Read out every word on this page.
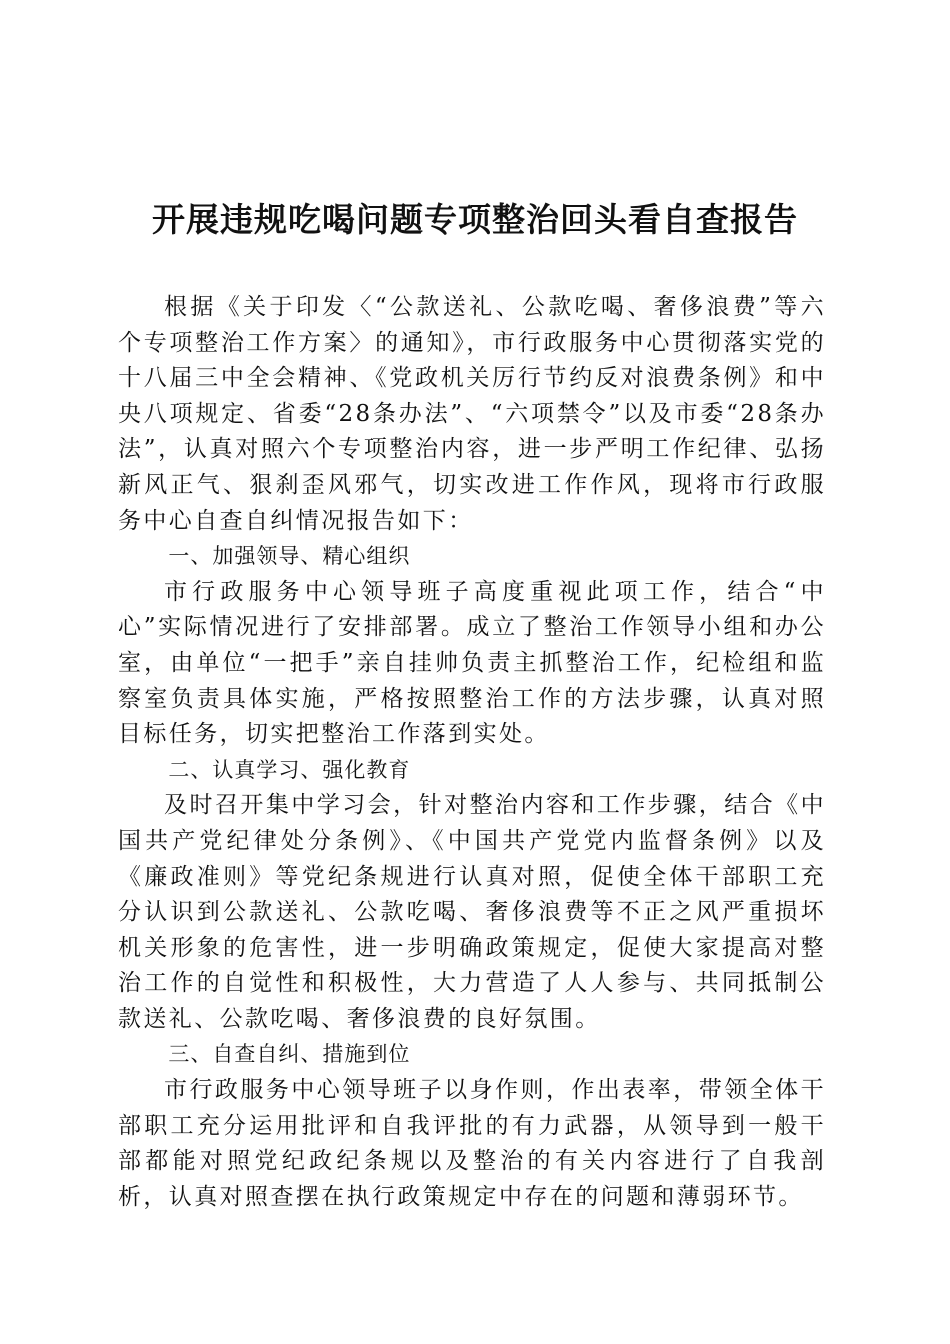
开展违规吃喝问题专项整治回头看自查报告

根据《关于印发〈“公款送礼、公款吃喝、奢侈浪费”等六个专项整治工作方案〉的通知》，市行政服务中心贯彻落实党的十八届三中全会精神、《党政机关厉行节约反对浪费条例》和中央八项规定、省委“28条办法”、“六项禁令”以及市委“28条办法”，认真对照六个专项整治内容，进一步严明工作纪律、弘扬新风正气、狠刹歪风邪气，切实改进工作作风，现将市行政服务中心自查自纠情况报告如下：

一、加强领导、精心组织

市行政服务中心领导班子高度重视此项工作，结合“中心”实际情况进行了安排部署。成立了整治工作领导小组和办公室，由单位“一把手”亲自挂帅负责主抓整治工作，纪检组和监察室负责具体实施，严格按照整治工作的方法步骤，认真对照目标任务，切实把整治工作落到实处。

二、认真学习、强化教育

及时召开集中学习会，针对整治内容和工作步骤，结合《中国共产党纪律处分条例》、《中国共产党党内监督条例》以及《廉政准则》等党纪条规进行认真对照，促使全体干部职工充分认识到公款送礼、公款吃喝、奢侈浪费等不正之风严重损坏机关形象的危害性，进一步明确政策规定，促使大家提高对整治工作的自觉性和积极性，大力营造了人人参与、共同抵制公款送礼、公款吃喝、奢侈浪费的良好氛围。

三、自查自纠、措施到位

市行政服务中心领导班子以身作则，作出表率，带领全体干部职工充分运用批评和自我评批的有力武器，从领导到一般干部都能对照党纪政纪条规以及整治的有关内容进行了自我剖析，认真对照查摆在执行政策规定中存在的问题和薄弱环节。
